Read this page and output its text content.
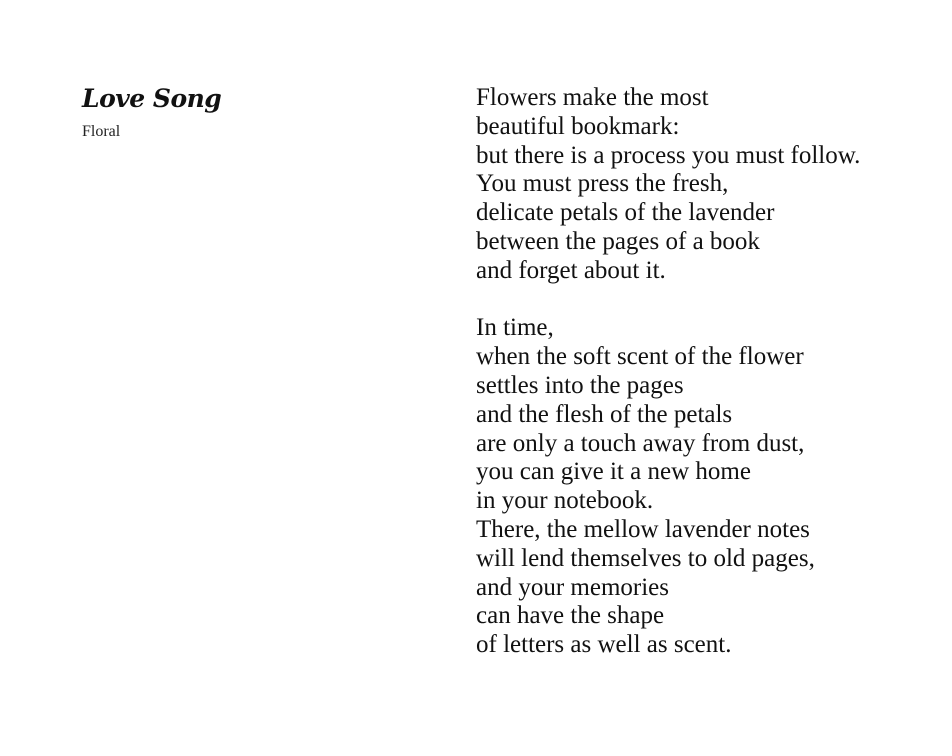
Love Song
Floral
Flowers make the most
beautiful bookmark:
but there is a process you must follow.
You must press the fresh,
delicate petals of the lavender
between the pages of a book
and forget about it.
In time,
when the soft scent of the flower
settles into the pages
and the flesh of the petals
are only a touch away from dust,
you can give it a new home
in your notebook.
There, the mellow lavender notes
will lend themselves to old pages,
and your memories
can have the shape
of letters as well as scent.
